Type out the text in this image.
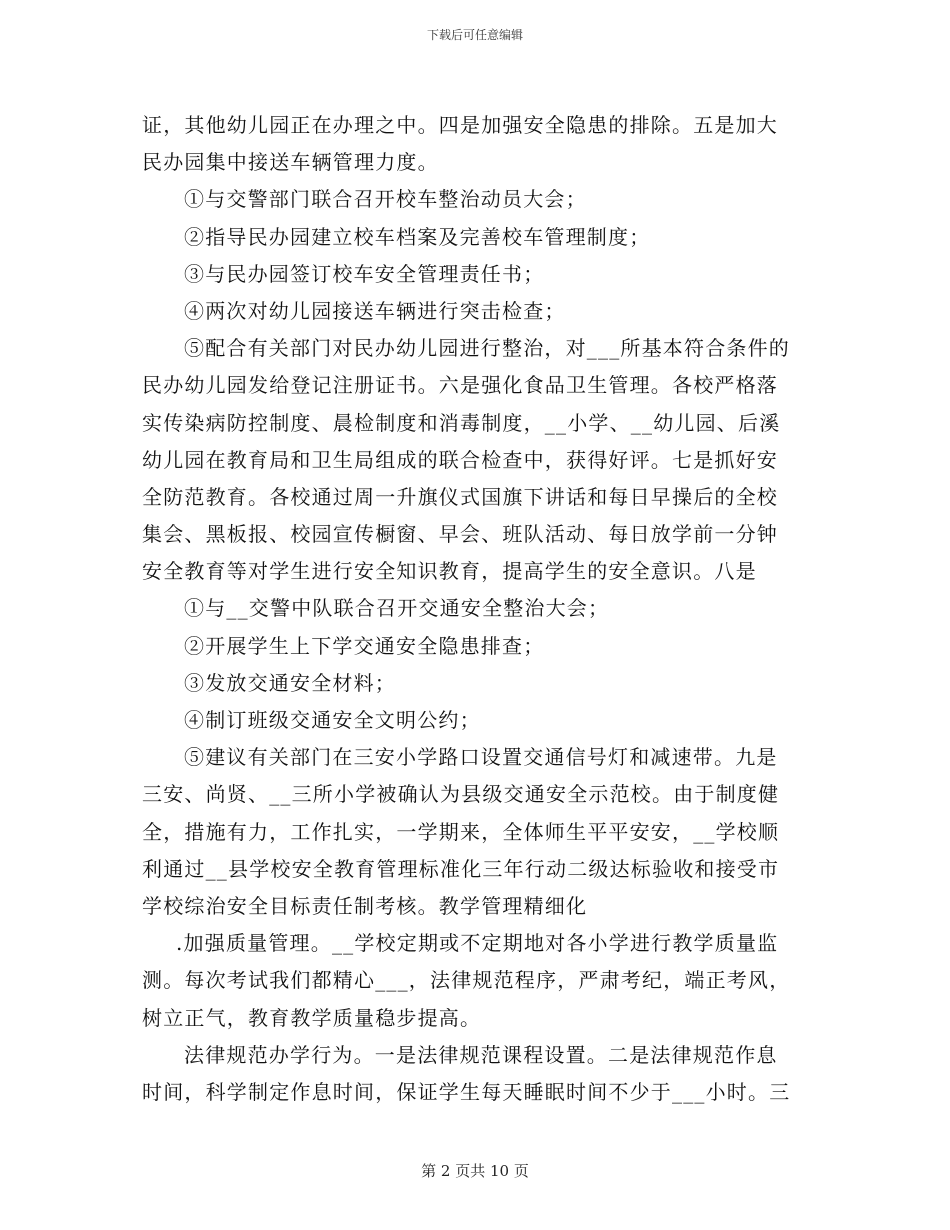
下载后可任意编辑
证，其他幼儿园正在办理之中。四是加强安全隐患的排除。五是加大
民办园集中接送车辆管理力度。
①与交警部门联合召开校车整治动员大会；
②指导民办园建立校车档案及完善校车管理制度；
③与民办园签订校车安全管理责任书；
④两次对幼儿园接送车辆进行突击检查；
⑤配合有关部门对民办幼儿园进行整治，对___所基本符合条件的
民办幼儿园发给登记注册证书。六是强化食品卫生管理。各校严格落
实传染病防控制度、晨检制度和消毒制度，__小学、__幼儿园、后溪
幼儿园在教育局和卫生局组成的联合检查中，获得好评。七是抓好安
全防范教育。各校通过周一升旗仪式国旗下讲话和每日早操后的全校
集会、黑板报、校园宣传橱窗、早会、班队活动、每日放学前一分钟
安全教育等对学生进行安全知识教育，提高学生的安全意识。八是
①与__交警中队联合召开交通安全整治大会；
②开展学生上下学交通安全隐患排查；
③发放交通安全材料；
④制订班级交通安全文明公约；
⑤建议有关部门在三安小学路口设置交通信号灯和减速带。九是
三安、尚贤、__三所小学被确认为县级交通安全示范校。由于制度健
全，措施有力，工作扎实，一学期来，全体师生平平安安，__学校顺
利通过__县学校安全教育管理标准化三年行动二级达标验收和接受市
学校综治安全目标责任制考核。教学管理精细化
.加强质量管理。__学校定期或不定期地对各小学进行教学质量监
测。每次考试我们都精心___，法律规范程序，严肃考纪，端正考风，
树立正气，教育教学质量稳步提高。
法律规范办学行为。一是法律规范课程设置。二是法律规范作息
时间，科学制定作息时间，保证学生每天睡眠时间不少于___小时。三
第 2 页共 10 页
